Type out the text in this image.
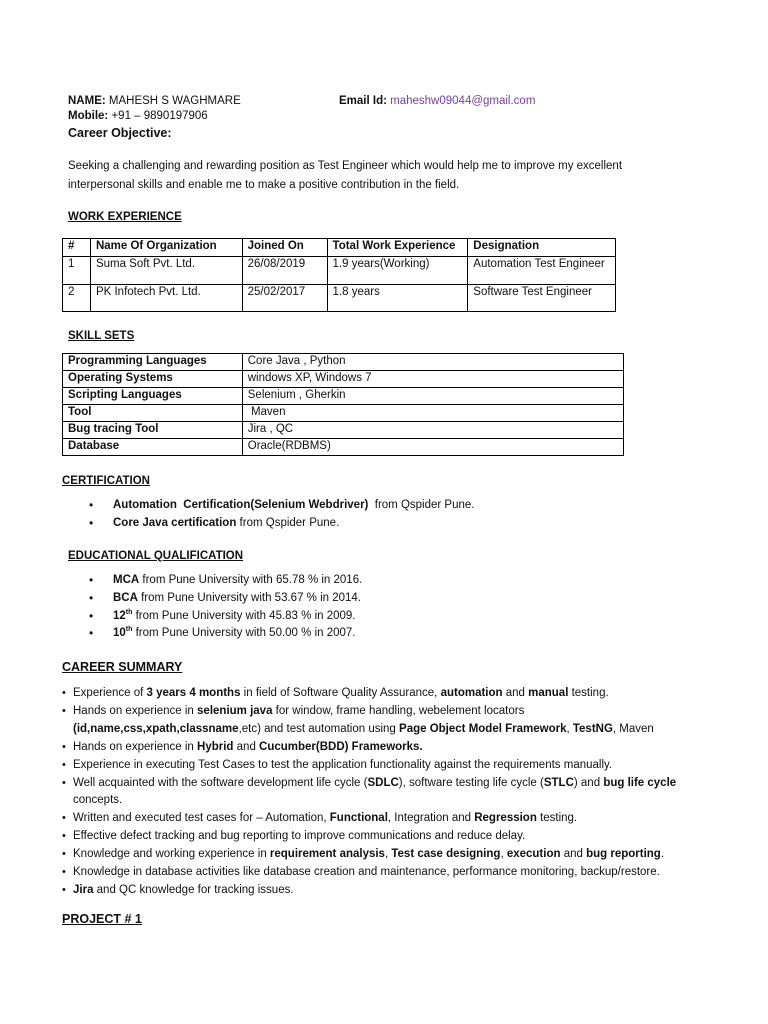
NAME: MAHESH S WAGHMARE	Email Id: maheshw09044@gmail.com
Mobile: +91 – 9890197906
Career Objective:
Seeking a challenging and rewarding position as Test Engineer which would help me to improve my excellent
interpersonal skills and enable me to make a positive contribution in the field.
WORK EXPERIENCE
#	Name Of Organization	Joined On	Total Work Experience	Designation
1	Suma Soft Pvt. Ltd.	26/08/2019	1.9 years(Working)	Automation Test Engineer
2	PK Infotech Pvt. Ltd.	25/02/2017	1.8 years	Software Test Engineer
SKILL SETS
Programming Languages	Core Java , Python
Operating Systems	windows XP, Windows 7
Scripting Languages	Selenium , Gherkin
Tool	Maven
Bug tracing Tool	Jira , QC
Database	Oracle(RDBMS)
CERTIFICATION
• Automation  Certification(Selenium Webdriver)  from Qspider Pune.
• Core Java certification from Qspider Pune.
EDUCATIONAL QUALIFICATION
• MCA from Pune University with 65.78 % in 2016.
• BCA from Pune University with 53.67 % in 2014.
• 12th from Pune University with 45.83 % in 2009.
• 10th from Pune University with 50.00 % in 2007.
CAREER SUMMARY
• Experience of 3 years 4 months in field of Software Quality Assurance, automation and manual testing.
• Hands on experience in selenium java for window, frame handling, webelement locators
(id,name,css,xpath,classname,etc) and test automation using Page Object Model Framework, TestNG, Maven
• Hands on experience in Hybrid and Cucumber(BDD) Frameworks.
• Experience in executing Test Cases to test the application functionality against the requirements manually.
• Well acquainted with the software development life cycle (SDLC), software testing life cycle (STLC) and bug life cycle
concepts.
• Written and executed test cases for – Automation, Functional, Integration and Regression testing.
• Effective defect tracking and bug reporting to improve communications and reduce delay.
• Knowledge and working experience in requirement analysis, Test case designing, execution and bug reporting.
• Knowledge in database activities like database creation and maintenance, performance monitoring, backup/restore.
• Jira and QC knowledge for tracking issues.
PROJECT # 1
